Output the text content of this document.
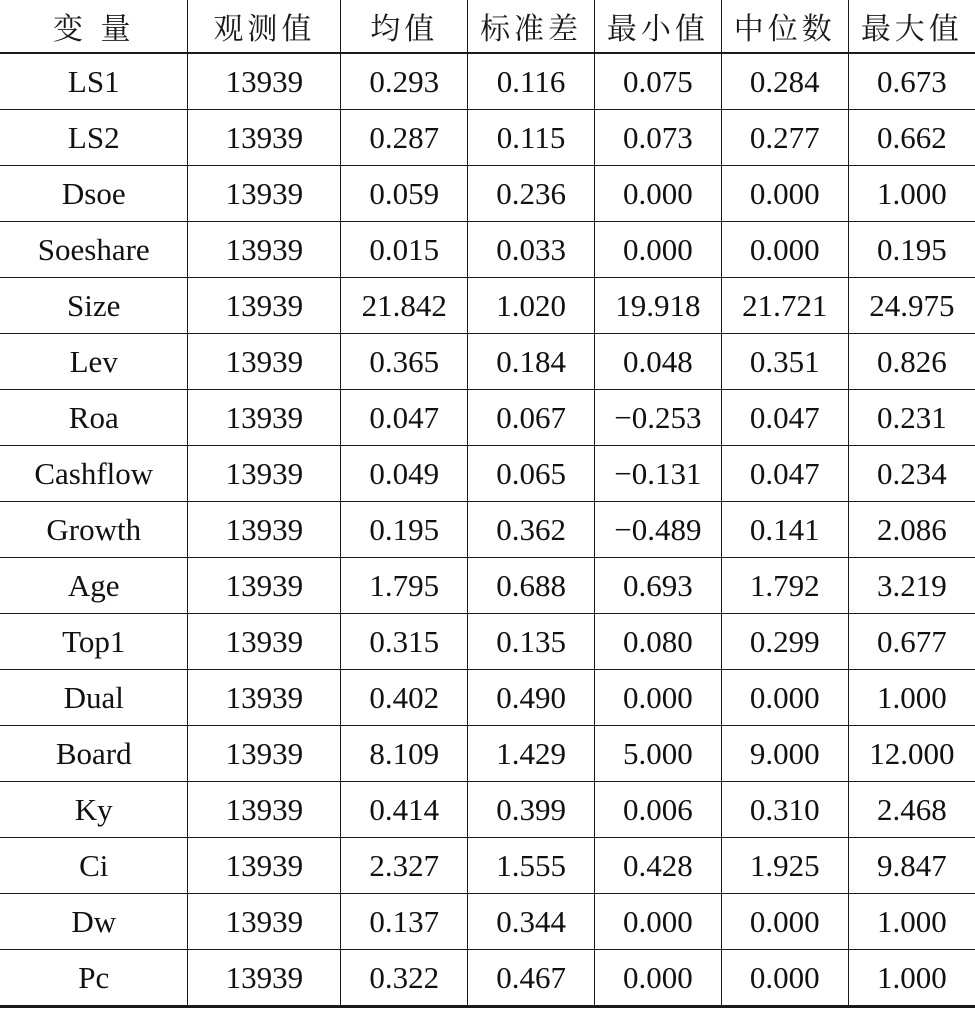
变 量	观测值	均值	标准差	最小值	中位数	最大值
LS1	13939	0.293	0.116	0.075	0.284	0.673
LS2	13939	0.287	0.115	0.073	0.277	0.662
Dsoe	13939	0.059	0.236	0.000	0.000	1.000
Soeshare	13939	0.015	0.033	0.000	0.000	0.195
Size	13939	21.842	1.020	19.918	21.721	24.975
Lev	13939	0.365	0.184	0.048	0.351	0.826
Roa	13939	0.047	0.067	−0.253	0.047	0.231
Cashflow	13939	0.049	0.065	−0.131	0.047	0.234
Growth	13939	0.195	0.362	−0.489	0.141	2.086
Age	13939	1.795	0.688	0.693	1.792	3.219
Top1	13939	0.315	0.135	0.080	0.299	0.677
Dual	13939	0.402	0.490	0.000	0.000	1.000
Board	13939	8.109	1.429	5.000	9.000	12.000
Ky	13939	0.414	0.399	0.006	0.310	2.468
Ci	13939	2.327	1.555	0.428	1.925	9.847
Dw	13939	0.137	0.344	0.000	0.000	1.000
Pc	13939	0.322	0.467	0.000	0.000	1.000
